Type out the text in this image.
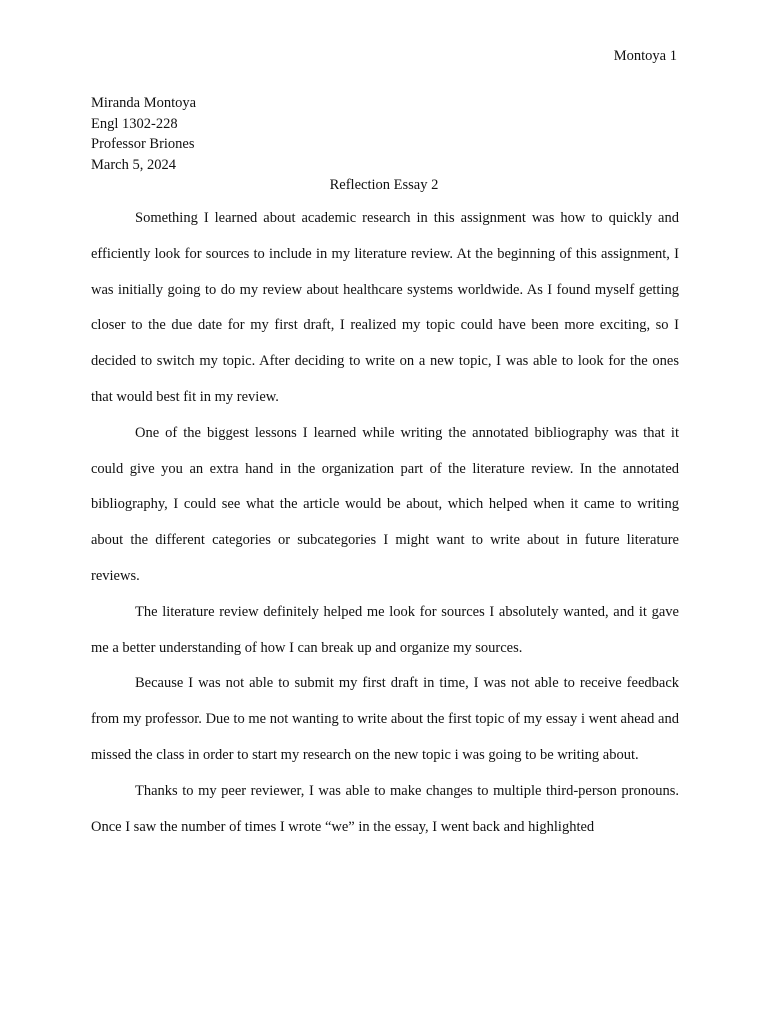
Montoya 1
Miranda Montoya
Engl 1302-228
Professor Briones
March 5, 2024
Reflection Essay 2

Something I learned about academic research in this assignment was how to quickly and efficiently look for sources to include in my literature review. At the beginning of this assignment, I was initially going to do my review about healthcare systems worldwide. As I found myself getting closer to the due date for my first draft, I realized my topic could have been more exciting, so I decided to switch my topic. After deciding to write on a new topic, I was able to look for the ones that would best fit in my review.

One of the biggest lessons I learned while writing the annotated bibliography was that it could give you an extra hand in the organization part of the literature review. In the annotated bibliography, I could see what the article would be about, which helped when it came to writing about the different categories or subcategories I might want to write about in future literature reviews.

The literature review definitely helped me look for sources I absolutely wanted, and it gave me a better understanding of how I can break up and organize my sources.

Because I was not able to submit my first draft in time, I was not able to receive feedback from my professor. Due to me not wanting to write about the first topic of my essay i went ahead and missed the class in order to start my research on the new topic i was going to be writing about.

Thanks to my peer reviewer, I was able to make changes to multiple third-person pronouns. Once I saw the number of times I wrote “we” in the essay, I went back and highlighted
